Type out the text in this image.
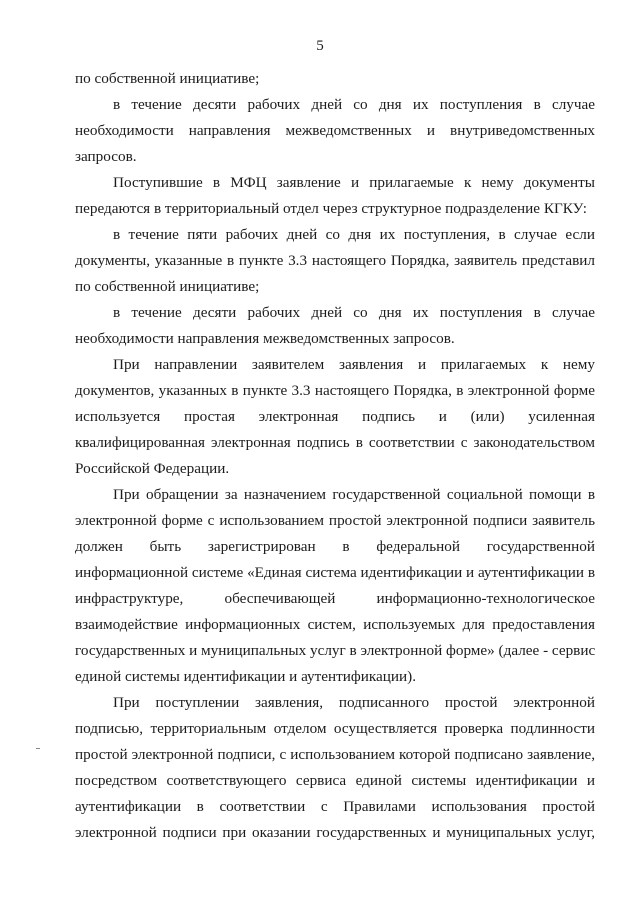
5
по собственной инициативе;
в течение десяти рабочих дней со дня их поступления в случае
необходимости направления межведомственных и внутриведомственных
запросов.
Поступившие в МФЦ заявление и прилагаемые к нему документы
передаются в территориальный отдел через структурное подразделение КГКУ:
в течение пяти рабочих дней со дня их поступления, в случае если
документы, указанные в пункте 3.3 настоящего Порядка, заявитель представил
по собственной инициативе;
в течение десяти рабочих дней со дня их поступления в случае
необходимости направления межведомственных запросов.
При направлении заявителем заявления и прилагаемых к нему
документов, указанных в пункте 3.3 настоящего Порядка, в электронной форме
используется простая электронная подпись и (или) усиленная
квалифицированная электронная подпись в соответствии с законодательством
Российской Федерации.
При обращении за назначением государственной социальной помощи в
электронной форме с использованием простой электронной подписи заявитель
должен быть зарегистрирован в федеральной государственной
информационной системе «Единая система идентификации и аутентификации в
инфраструктуре, обеспечивающей информационно-технологическое
взаимодействие информационных систем, используемых для предоставления
государственных и муниципальных услуг в электронной форме» (далее - сервис
единой системы идентификации и аутентификации).
При поступлении заявления, подписанного простой электронной
подписью, территориальным отделом осуществляется проверка подлинности
простой электронной подписи, с использованием которой подписано заявление,
посредством соответствующего сервиса единой системы идентификации и
аутентификации в соответствии с Правилами использования простой
электронной подписи при оказании государственных и муниципальных услуг,
